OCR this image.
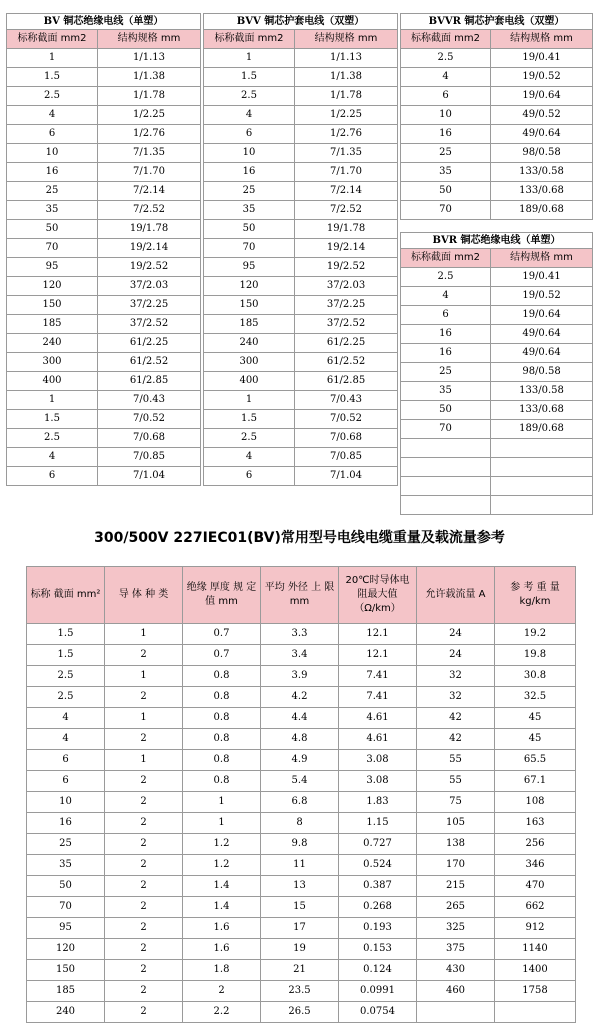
BV 铜芯绝缘电线（单塑）	
标称截面 mm2	结构规格 mm
1	1/1.13
1.5	1/1.38
2.5	1/1.78
4	1/2.25
6	1/2.76
10	7/1.35
16	7/1.70
25	7/2.14
35	7/2.52
50	19/1.78
70	19/2.14
95	19/2.52
120	37/2.03
150	37/2.25
185	37/2.52
240	61/2.25
300	61/2.52
400	61/2.85
1	7/0.43
1.5	7/0.52
2.5	7/0.68
4	7/0.85
6	7/1.04
BVV 铜芯护套电线（双塑）	
标称截面 mm2	结构规格 mm
1	1/1.13
1.5	1/1.38
2.5	1/1.78
4	1/2.25
6	1/2.76
10	7/1.35
16	7/1.70
25	7/2.14
35	7/2.52
50	19/1.78
70	19/2.14
95	19/2.52
120	37/2.03
150	37/2.25
185	37/2.52
240	61/2.25
300	61/2.52
400	61/2.85
1	7/0.43
1.5	7/0.52
2.5	7/0.68
4	7/0.85
6	7/1.04
BVVR 铜芯护套电线（双塑）	
标称截面 mm2	结构规格 mm
2.5	19/0.41
4	19/0.52
6	19/0.64
10	49/0.52
16	49/0.64
25	98/0.58
35	133/0.58
50	133/0.68
70	189/0.68
BVR 铜芯绝缘电线（单塑）	
标称截面 mm2	结构规格 mm
2.5	19/0.41
4	19/0.52
6	19/0.64
16	49/0.64
16	49/0.64
25	98/0.58
35	133/0.58
50	133/0.68
70	189/0.68

300/500V 227IEC01(BV)常用型号电线电缆重量及载流量参考
标称 截面 mm²	导 体 种 类	绝缘 厚度 规 定 值 mm	平均 外径 上 限 mm	20℃时导体电阻最大值（Ω/km）	允许载流量 A	参 考 重 量 kg/km
1.5	1	0.7	3.3	12.1	24	19.2
1.5	2	0.7	3.4	12.1	24	19.8
2.5	1	0.8	3.9	7.41	32	30.8
2.5	2	0.8	4.2	7.41	32	32.5
4	1	0.8	4.4	4.61	42	45
4	2	0.8	4.8	4.61	42	45
6	1	0.8	4.9	3.08	55	65.5
6	2	0.8	5.4	3.08	55	67.1
10	2	1	6.8	1.83	75	108
16	2	1	8	1.15	105	163
25	2	1.2	9.8	0.727	138	256
35	2	1.2	11	0.524	170	346
50	2	1.4	13	0.387	215	470
70	2	1.4	15	0.268	265	662
95	2	1.6	17	0.193	325	912
120	2	1.6	19	0.153	375	1140
150	2	1.8	21	0.124	430	1400
185	2	2	23.5	0.0991	460	1758
240	2	2.2	26.5	0.0754		
